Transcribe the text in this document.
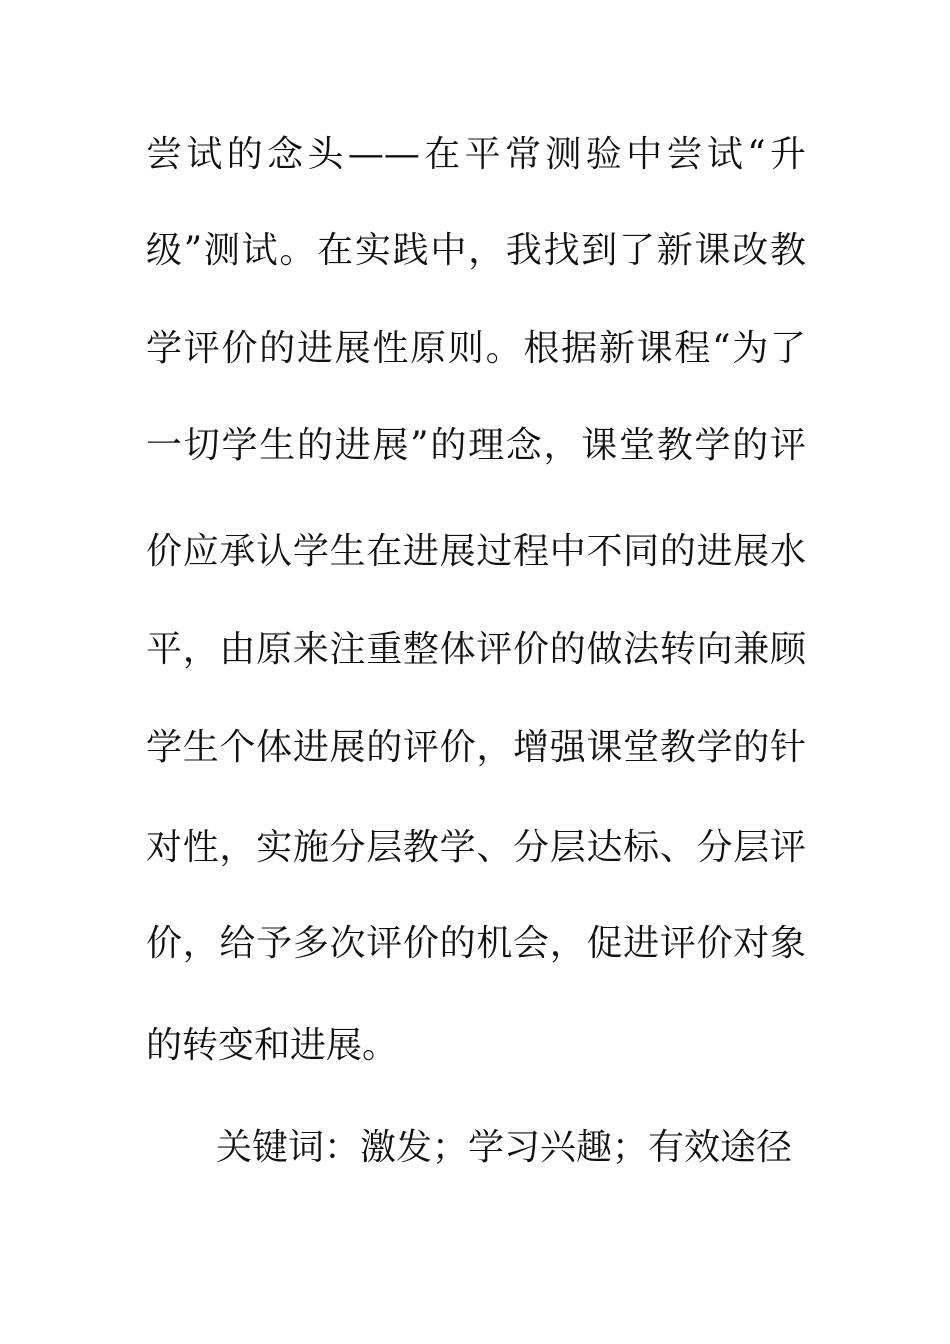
尝试的念头——在平常测验中尝试“升
级”测试。在实践中，我找到了新课改教
学评价的进展性原则。根据新课程“为了
一切学生的进展”的理念，课堂教学的评
价应承认学生在进展过程中不同的进展水
平，由原来注重整体评价的做法转向兼顾
学生个体进展的评价，增强课堂教学的针
对性，实施分层教学、分层达标、分层评
价，给予多次评价的机会，促进评价对象
的转变和进展。
关键词：激发；学习兴趣；有效途径
